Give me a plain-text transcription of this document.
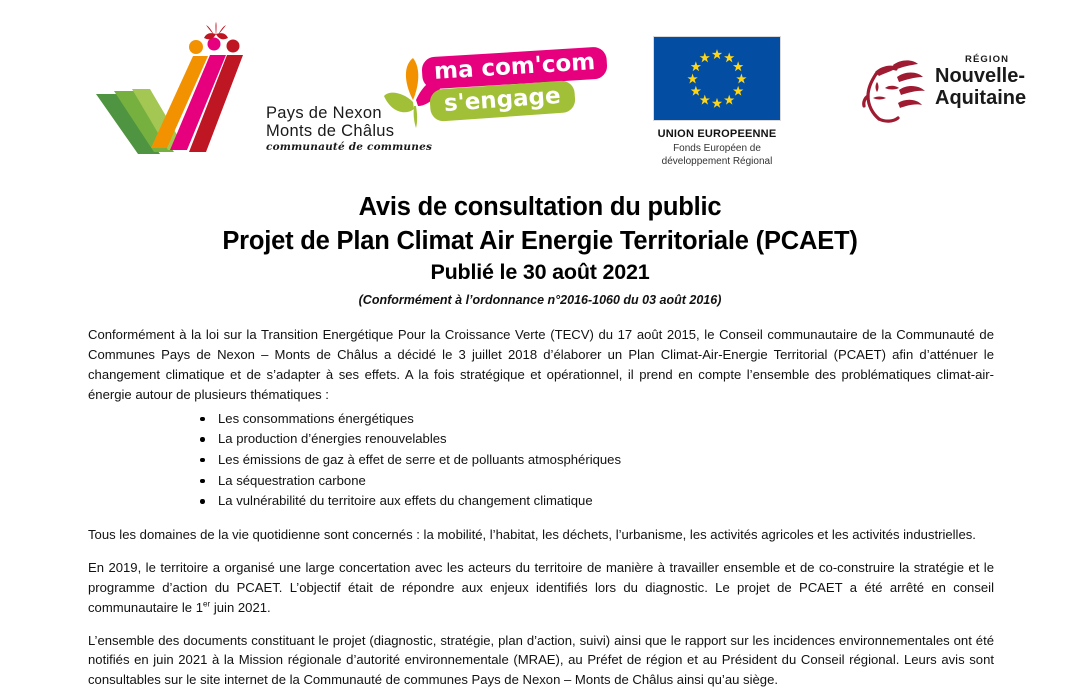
Pays de Nexon
Monts de Châlus
communauté de communes
ma com'com
s'engage
UNION EUROPEENNE
Fonds Européen de
développement Régional
RÉGION
Nouvelle-
Aquitaine
Avis de consultation du public
Projet de Plan Climat Air Energie Territoriale (PCAET)
Publié le 30 août 2021
(Conformément à l’ordonnance n°2016-1060 du 03 août 2016)

Conformément à la loi sur la Transition Energétique Pour la Croissance Verte (TECV) du 17 août 2015, le Conseil communautaire de la Communauté de Communes Pays de Nexon – Monts de Châlus a décidé le 3 juillet 2018 d’élaborer un Plan Climat-Air-Energie Territorial (PCAET) afin d’atténuer le changement climatique et de s’adapter à ses effets. A la fois stratégique et opérationnel, il prend en compte l’ensemble des problématiques climat-air-énergie autour de plusieurs thématiques :

Les consommations énergétiques
La production d’énergies renouvelables
Les émissions de gaz à effet de serre et de polluants atmosphériques
La séquestration carbone
La vulnérabilité du territoire aux effets du changement climatique

Tous les domaines de la vie quotidienne sont concernés : la mobilité, l’habitat, les déchets, l’urbanisme, les activités agricoles et les activités industrielles.

En 2019, le territoire a organisé une large concertation avec les acteurs du territoire de manière à travailler ensemble et de co-construire la stratégie et le programme d’action du PCAET. L’objectif était de répondre aux enjeux identifiés lors du diagnostic. Le projet de PCAET a été arrêté en conseil communautaire le 1er juin 2021.

L’ensemble des documents constituant le projet (diagnostic, stratégie, plan d’action, suivi) ainsi que le rapport sur les incidences environnementales ont été notifiés en juin 2021 à la Mission régionale d’autorité environnementale (MRAE), au Préfet de région et au Président du Conseil régional. Leurs avis sont consultables sur le site internet de la Communauté de communes Pays de Nexon – Monts de Châlus ainsi qu’au siège.
